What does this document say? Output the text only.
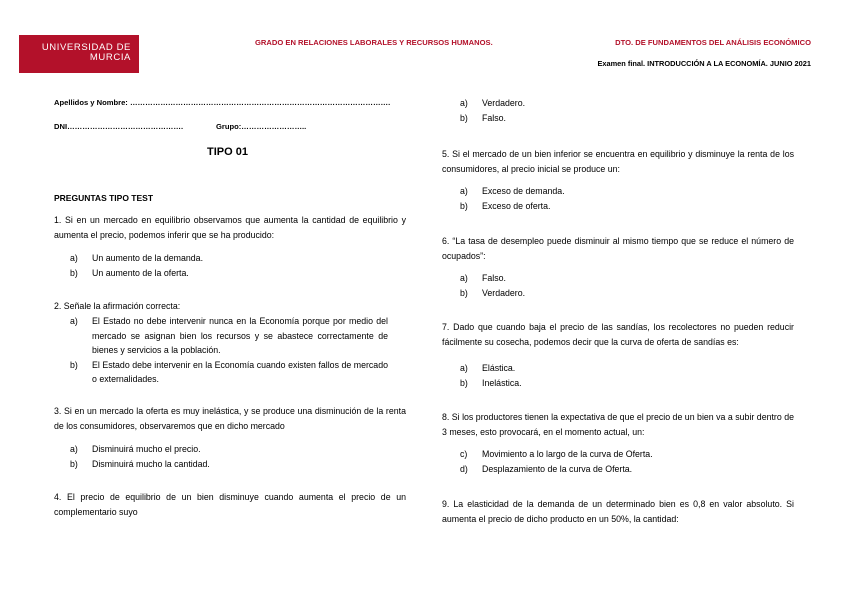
UNIVERSIDAD DE
MURCIA
GRADO EN RELACIONES LABORALES Y RECURSOS HUMANOS.	DTO. DE FUNDAMENTOS DEL ANÁLISIS ECONÓMICO
Examen final. INTRODUCCIÓN A LA ECONOMÍA. JUNIO 2021
Apellidos y Nombre: ………………………………………………………………………………………….
DNI……………………………………….	Grupo:……………………..
TIPO 01
PREGUNTAS TIPO TEST
1. Si en un mercado en equilibrio observamos que aumenta la cantidad de equilibrio y aumenta el precio, podemos inferir que se ha producido:
a) Un aumento de la demanda.
b) Un aumento de la oferta.
2. Señale la afirmación correcta:
a) El Estado no debe intervenir nunca en la Economía porque por medio del mercado se asignan bien los recursos y se abastece correctamente de bienes y servicios a la población.
b) El Estado debe intervenir en la Economía cuando existen fallos de mercado o externalidades.
3. Si en un mercado la oferta es muy inelástica, y se produce una disminución de la renta de los consumidores, observaremos que en dicho mercado
a) Disminuirá mucho el precio.
b) Disminuirá mucho la cantidad.
4. El precio de equilibrio de un bien disminuye cuando aumenta el precio de un complementario suyo
a) Verdadero.
b) Falso.
5. Si el mercado de un bien inferior se encuentra en equilibrio y disminuye la renta de los consumidores, al precio inicial se produce un:
a) Exceso de demanda.
b) Exceso de oferta.
6. “La tasa de desempleo puede disminuir al mismo tiempo que se reduce el número de ocupados”:
a) Falso.
b) Verdadero.
7. Dado que cuando baja el precio de las sandías, los recolectores no pueden reducir fácilmente su cosecha, podemos decir que la curva de oferta de sandías es:
a) Elástica.
b) Inelástica.
8. Si los productores tienen la expectativa de que el precio de un bien va a subir dentro de 3 meses, esto provocará, en el momento actual, un:
c) Movimiento a lo largo de la curva de Oferta.
d) Desplazamiento de la curva de Oferta.
9. La elasticidad de la demanda de un determinado bien es 0,8 en valor absoluto. Si aumenta el precio de dicho producto en un 50%, la cantidad:
